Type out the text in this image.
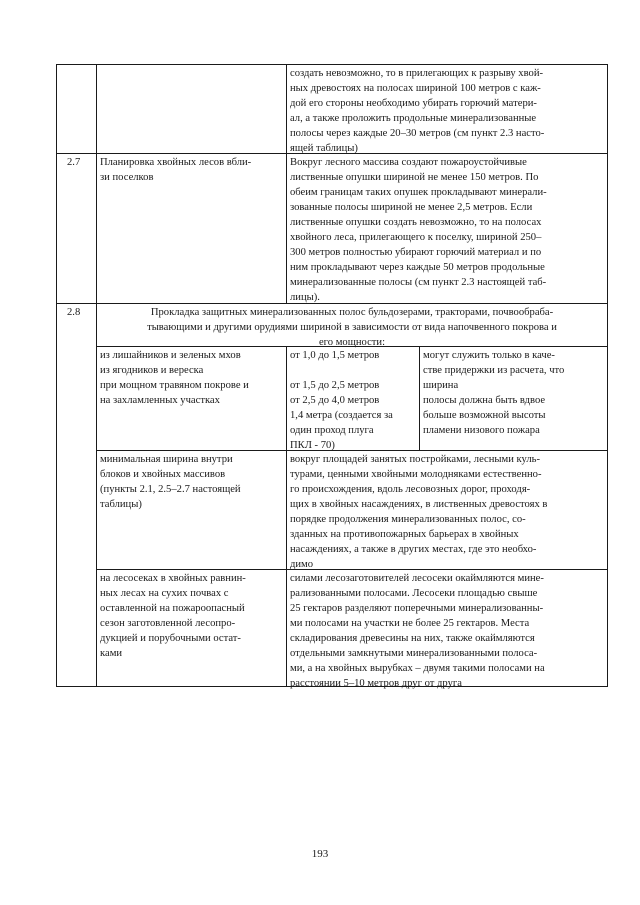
создать невозможно, то в прилегающих к разрыву хвой-
ных древостоях на полосах шириной 100 метров с каж-
дой его стороны необходимо убирать горючий матери-
ал, а также проложить продольные минерализованные
полосы через каждые 20–30 метров (см пункт 2.3 насто-
ящей таблицы)

2.7	Планировка хвойных лесов вбли-
зи поселков

Вокруг лесного массива создают пожароустойчивые
лиственные опушки шириной не менее 150 метров. По
обеим границам таких опушек прокладывают минерали-
зованные полосы шириной не менее 2,5 метров. Если
лиственные опушки создать невозможно, то на полосах
хвойного леса, прилегающего к поселку, шириной 250–
300 метров полностью убирают горючий материал и по
ним прокладывают через каждые 50 метров продольные
минерализованные полосы (см пункт 2.3 настоящей таб-
лицы).

2.8	Прокладка защитных минерализованных полос бульдозерами, тракторами, почвообраба-
тывающими и другими орудиями шириной в зависимости от вида напочвенного покрова и
его мощности:

из лишайников и зеленых мхов
из ягодников и вереска
при мощном травяном покрове и
на захламленных участках

от 1,0 до 1,5 метров

от 1,5 до 2,5 метров
от 2,5 до 4,0 метров
1,4 метра (создается за
один проход плуга
ПКЛ - 70)

могут служить только в каче-
стве придержки из расчета, что
ширина
полосы должна быть вдвое
больше возможной высоты
пламени низового пожара

минимальная ширина внутри
блоков и хвойных массивов
(пункты 2.1, 2.5–2.7 настоящей
таблицы)

вокруг площадей занятых постройками, лесными куль-
турами, ценными хвойными молодняками естественно-
го происхождения, вдоль лесовозных дорог, проходя-
щих в хвойных насаждениях, в лиственных древостоях в
порядке продолжения минерализованных полос, со-
зданных на противопожарных барьерах в хвойных
насаждениях, а также в других местах, где это необхо-
димо

на лесосеках в хвойных равнин-
ных лесах на сухих почвах с
оставленной на пожароопасный
сезон заготовленной лесопро-
дукцией и порубочными остат-
ками

силами лесозаготовителей лесосеки окаймляются мине-
рализованными полосами. Лесосеки площадью свыше
25 гектаров разделяют поперечными минерализованны-
ми полосами на участки не более 25 гектаров. Места
складирования древесины на них, также окаймляются
отдельными замкнутыми минерализованными полоса-
ми, а на хвойных вырубках – двумя такими полосами на
расстоянии 5–10 метров друг от друга

193
